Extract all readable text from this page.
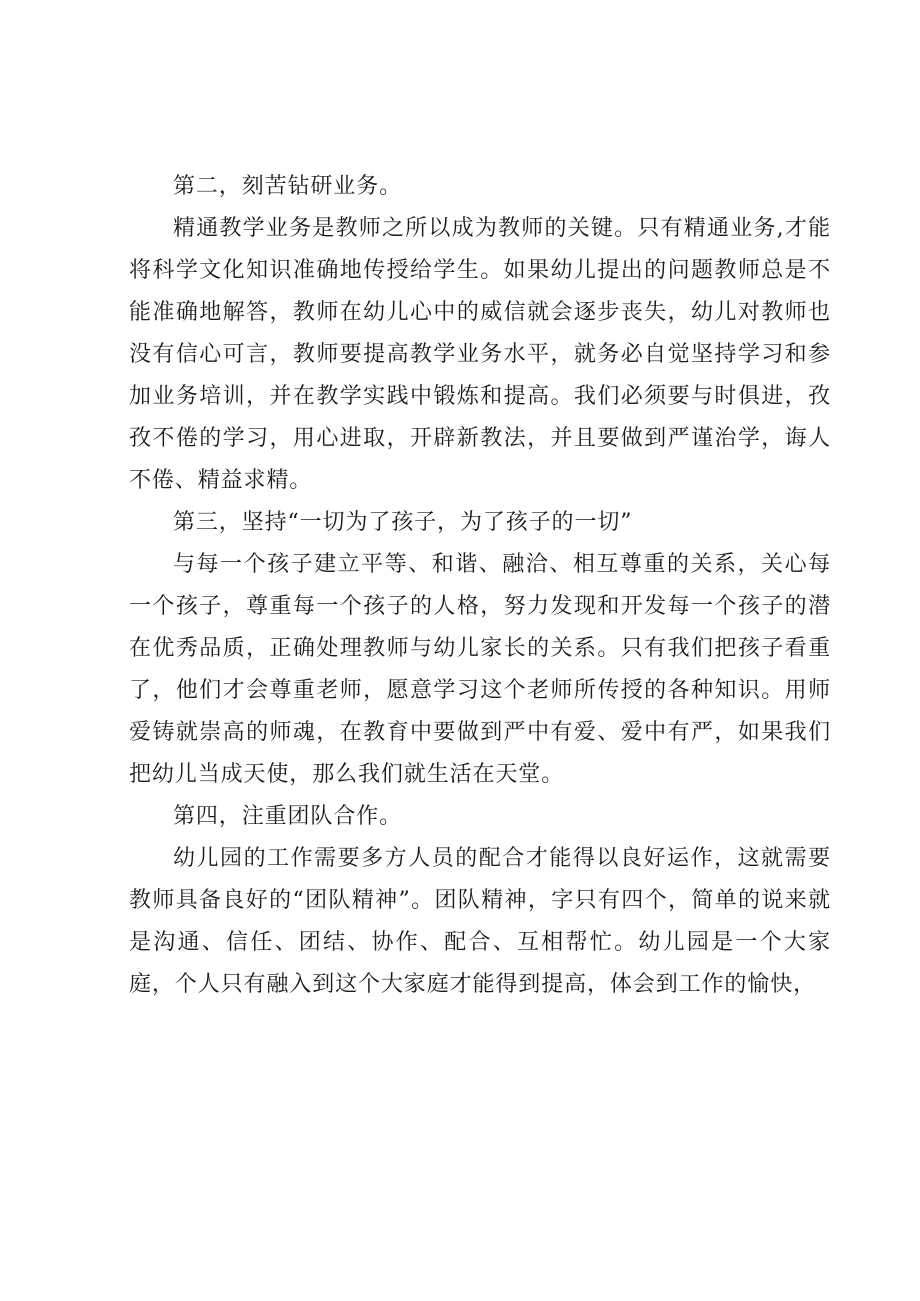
第二，刻苦钻研业务。

精通教学业务是教师之所以成为教师的关键。只有精通业务,才能将科学文化知识准确地传授给学生。如果幼儿提出的问题教师总是不能准确地解答，教师在幼儿心中的威信就会逐步丧失，幼儿对教师也没有信心可言，教师要提高教学业务水平，就务必自觉坚持学习和参加业务培训，并在教学实践中锻炼和提高。我们必须要与时俱进，孜孜不倦的学习，用心进取，开辟新教法，并且要做到严谨治学，诲人不倦、精益求精。

第三，坚持“一切为了孩子，为了孩子的一切”

与每一个孩子建立平等、和谐、融洽、相互尊重的关系，关心每一个孩子，尊重每一个孩子的人格，努力发现和开发每一个孩子的潜在优秀品质，正确处理教师与幼儿家长的关系。只有我们把孩子看重了，他们才会尊重老师，愿意学习这个老师所传授的各种知识。用师爱铸就崇高的师魂，在教育中要做到严中有爱、爱中有严，如果我们把幼儿当成天使，那么我们就生活在天堂。

第四，注重团队合作。

幼儿园的工作需要多方人员的配合才能得以良好运作，这就需要教师具备良好的“团队精神”。团队精神，字只有四个，简单的说来就是沟通、信任、团结、协作、配合、互相帮忙。幼儿园是一个大家庭，个人只有融入到这个大家庭才能得到提高，体会到工作的愉快，
